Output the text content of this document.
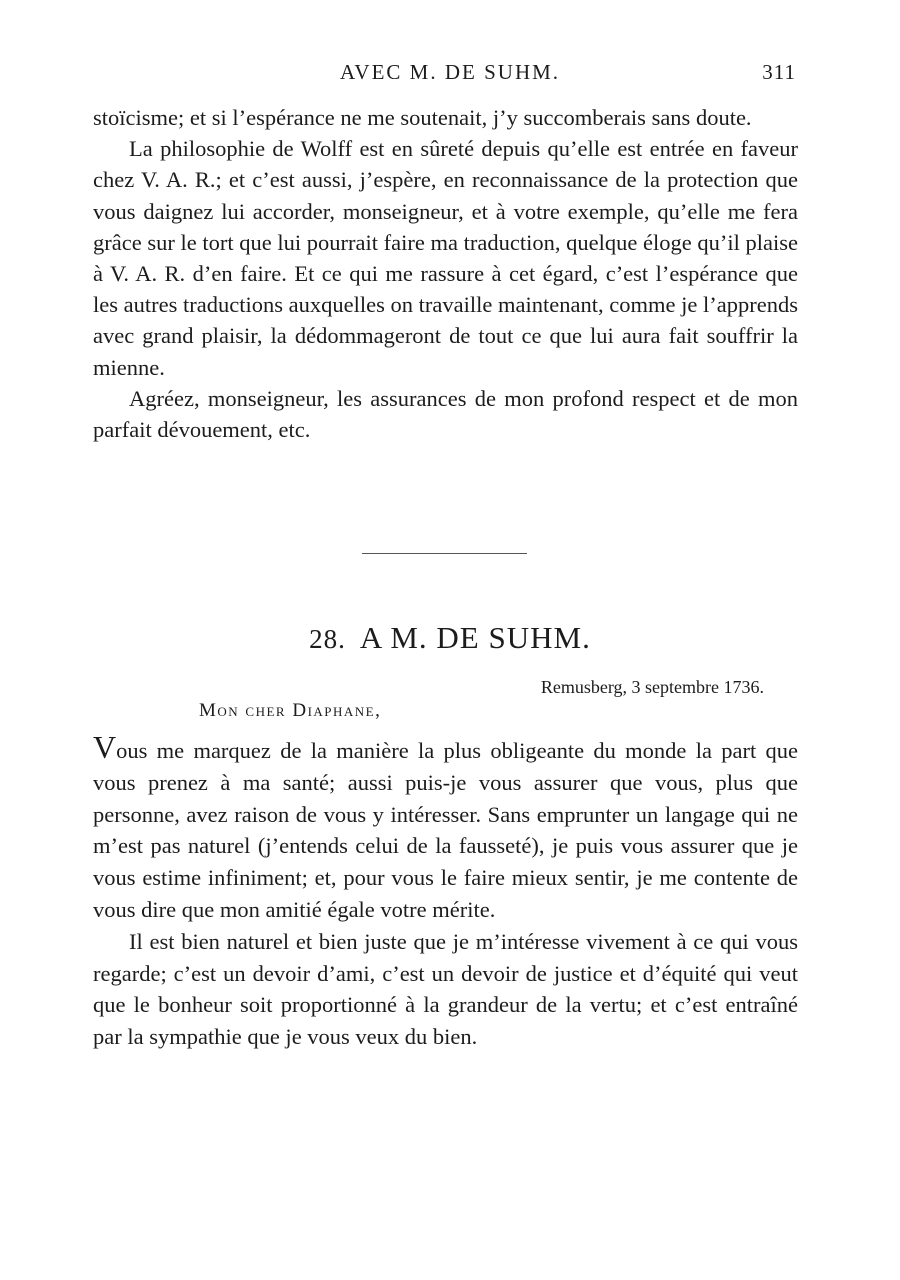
AVEC M. DE SUHM.	311

stoïcisme; et si l’espérance ne me soutenait, j’y succomberais sans doute.

La philosophie de Wolff est en sûreté depuis qu’elle est entrée en faveur chez V. A. R.; et c’est aussi, j’espère, en reconnaissance de la protection que vous daignez lui accorder, monseigneur, et à votre exemple, qu’elle me fera grâce sur le tort que lui pourrait faire ma traduction, quelque éloge qu’il plaise à V. A. R. d’en faire. Et ce qui me rassure à cet égard, c’est l’espérance que les autres traductions auxquelles on travaille maintenant, comme je l’apprends avec grand plaisir, la dédommageront de tout ce que lui aura fait souffrir la mienne.

Agréez, monseigneur, les assurances de mon profond respect et de mon parfait dévouement, etc.

28. A M. DE SUHM.
Remusberg, 3 septembre 1736.
Mon cher Diaphane,

Vous me marquez de la manière la plus obligeante du monde la part que vous prenez à ma santé; aussi puis-je vous assurer que vous, plus que personne, avez raison de vous y intéresser. Sans emprunter un langage qui ne m’est pas naturel (j’entends celui de la fausseté), je puis vous assurer que je vous estime infiniment; et, pour vous le faire mieux sentir, je me contente de vous dire que mon amitié égale votre mérite.

Il est bien naturel et bien juste que je m’intéresse vivement à ce qui vous regarde; c’est un devoir d’ami, c’est un devoir de justice et d’équité qui veut que le bonheur soit proportionné à la grandeur de la vertu; et c’est entraîné par la sympathie que je vous veux du bien.
